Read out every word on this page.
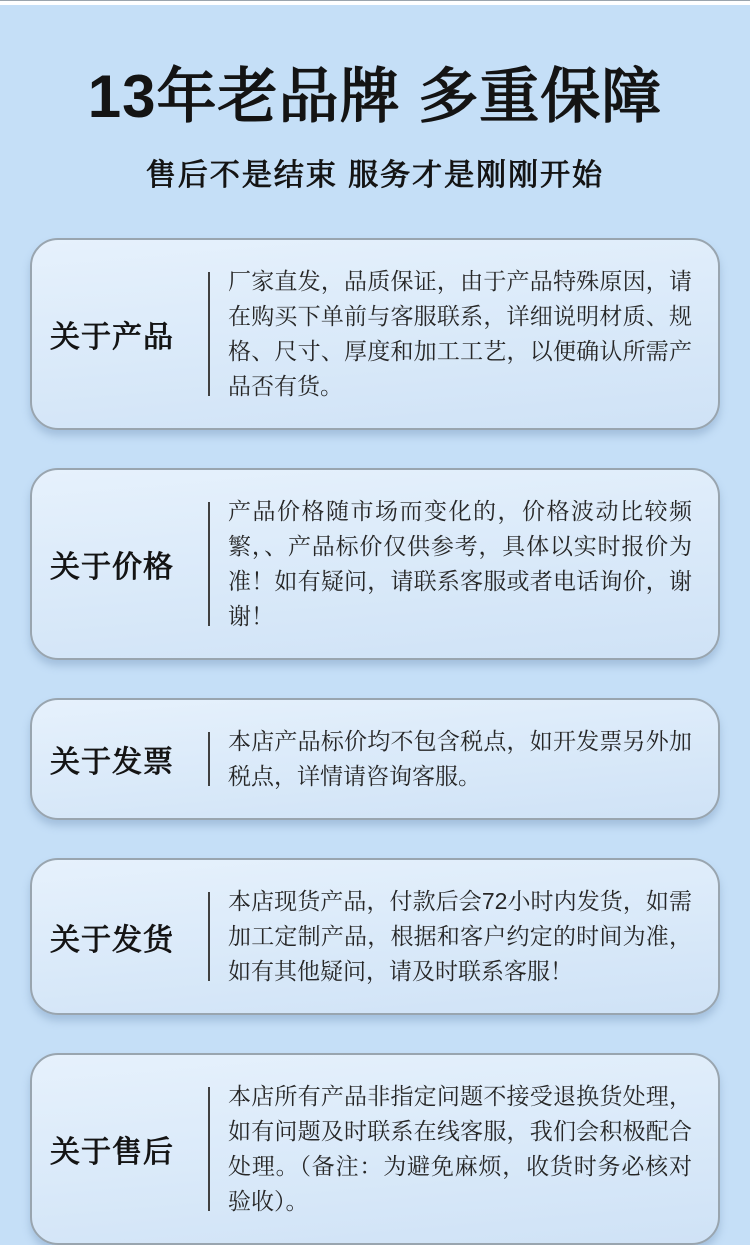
13年老品牌 多重保障
售后不是结束 服务才是刚刚开始
关于产品
厂家直发，品质保证，由于产品特殊原因，请在购买下单前与客服联系，详细说明材质、规格、尺寸、厚度和加工工艺，以便确认所需产品否有货。
关于价格
产品价格随市场而变化的，价格波动比较频繁，、产品标价仅供参考，具体以实时报价为准！如有疑问，请联系客服或者电话询价，谢谢！
关于发票
本店产品标价均不包含税点，如开发票另外加税点，详情请咨询客服。
关于发货
本店现货产品，付款后会72小时内发货，如需加工定制产品，根据和客户约定的时间为准，如有其他疑问，请及时联系客服！
关于售后
本店所有产品非指定问题不接受退换货处理，如有问题及时联系在线客服，我们会积极配合处理。（备注：为避免麻烦，收货时务必核对验收）。
